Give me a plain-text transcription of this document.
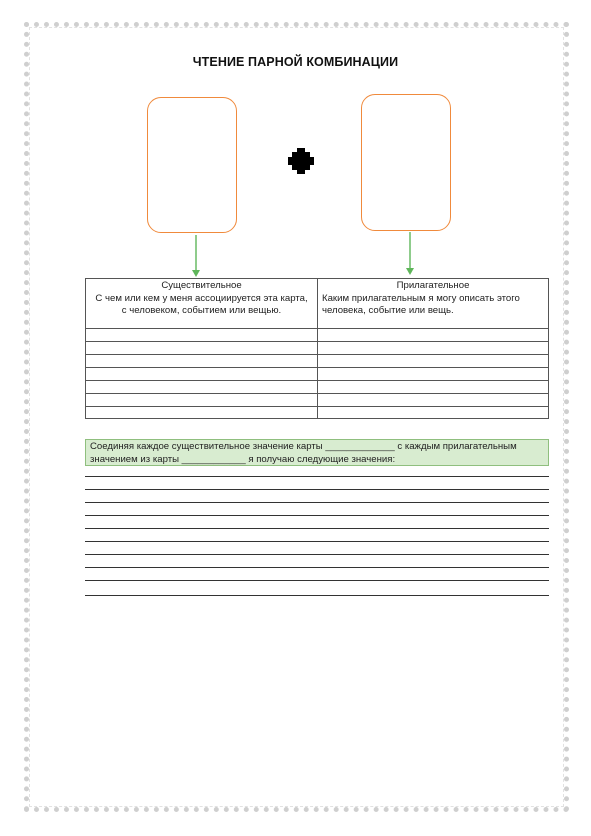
ЧТЕНИЕ ПАРНОЙ КОМБИНАЦИИ
Существительное
С чем или кем у меня ассоциируется эта карта, с человеком, событием или вещью.
Прилагательное
Каким прилагательным я могу описать этого человека, событие или вещь.
Соединяя каждое существительное значение карты _____________ с каждым прилагательным значением из карты ____________ я получаю следующие значения:
